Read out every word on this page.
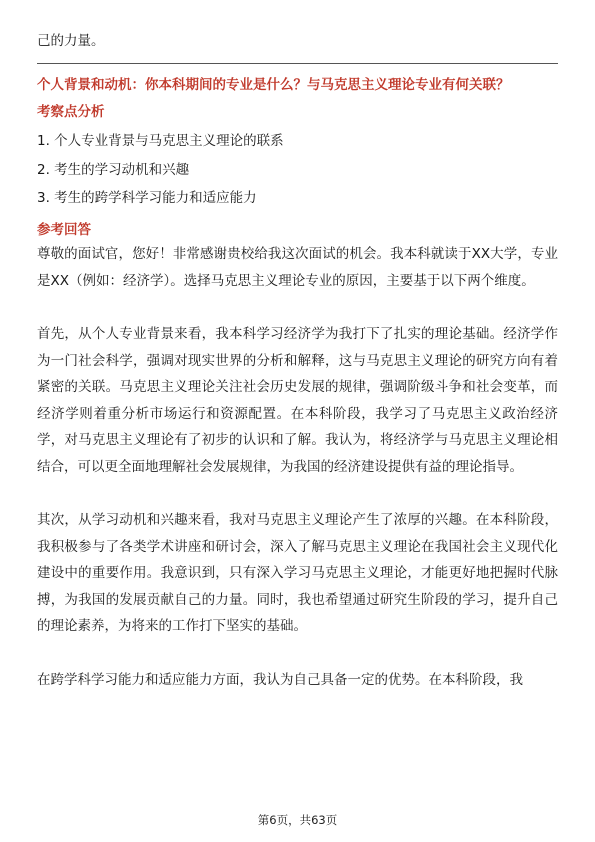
己的力量。

个人背景和动机：你本科期间的专业是什么？与马克思主义理论专业有何关联？
考察点分析
1. 个人专业背景与马克思主义理论的联系
2. 考生的学习动机和兴趣
3. 考生的跨学科学习能力和适应能力
参考回答

尊敬的面试官，您好！非常感谢贵校给我这次面试的机会。我本科就读于XX大学，专业是XX（例如：经济学）。选择马克思主义理论专业的原因，主要基于以下两个维度。

首先，从个人专业背景来看，我本科学习经济学为我打下了扎实的理论基础。经济学作为一门社会科学，强调对现实世界的分析和解释，这与马克思主义理论的研究方向有着紧密的关联。马克思主义理论关注社会历史发展的规律，强调阶级斗争和社会变革，而经济学则着重分析市场运行和资源配置。在本科阶段，我学习了马克思主义政治经济学，对马克思主义理论有了初步的认识和了解。我认为，将经济学与马克思主义理论相结合，可以更全面地理解社会发展规律，为我国的经济建设提供有益的理论指导。

其次，从学习动机和兴趣来看，我对马克思主义理论产生了浓厚的兴趣。在本科阶段，我积极参与了各类学术讲座和研讨会，深入了解马克思主义理论在我国社会主义现代化建设中的重要作用。我意识到，只有深入学习马克思主义理论，才能更好地把握时代脉搏，为我国的发展贡献自己的力量。同时，我也希望通过研究生阶段的学习，提升自己的理论素养，为将来的工作打下坚实的基础。

在跨学科学习能力和适应能力方面，我认为自己具备一定的优势。在本科阶段，我

第6页，共63页
